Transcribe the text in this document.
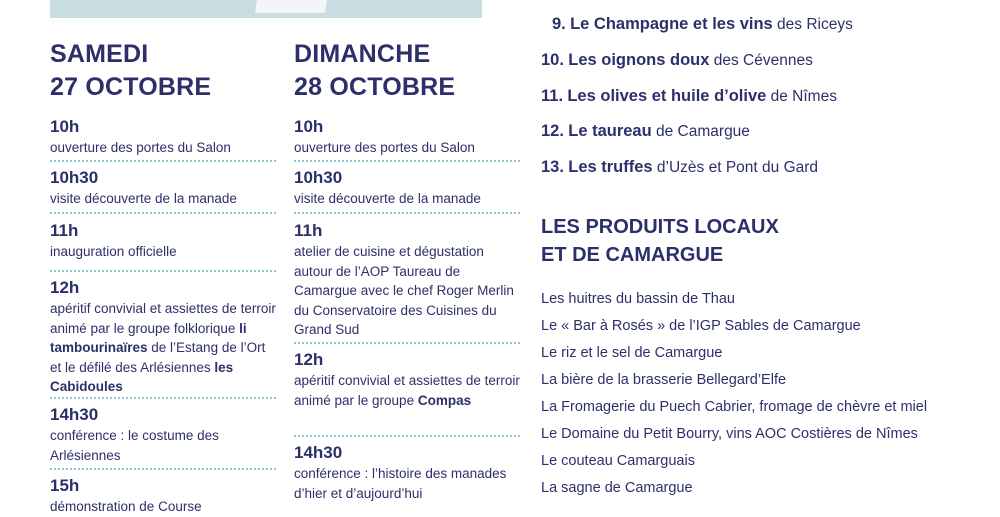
SAMEDI
27 OCTOBRE
10h
ouverture des portes du Salon
10h30
visite découverte de la manade
11h
inauguration officielle
12h
apéritif convivial et assiettes de terroir animé par le groupe folklorique li tambourinaïres de l’Estang de l’Ort et le défilé des Arlésiennes les Cabidoules
14h30
conférence : le costume des Arlésiennes
15h
démonstration de Course
DIMANCHE
28 OCTOBRE
10h
ouverture des portes du Salon
10h30
visite découverte de la manade
11h
atelier de cuisine et dégustation autour de l’AOP Taureau de Camargue avec le chef Roger Merlin du Conservatoire des Cuisines du Grand Sud
12h
apéritif convivial et assiettes de terroir animé par le groupe Compas
14h30
conférence : l’histoire des manades d’hier et d’aujourd’hui
9. Le Champagne et les vins des Riceys
10. Les oignons doux des Cévennes
11. Les olives et huile d’olive de Nîmes
12. Le taureau de Camargue
13. Les truffes d’Uzès et Pont du Gard
LES PRODUITS LOCAUX
ET DE CAMARGUE
Les huitres du bassin de Thau
Le « Bar à Rosés » de l’IGP Sables de Camargue
Le riz et le sel de Camargue
La bière de la brasserie Bellegard’Elfe
La Fromagerie du Puech Cabrier, fromage de chèvre et miel
Le Domaine du Petit Bourry, vins AOC Costières de Nîmes
Le couteau Camarguais
La sagne de Camargue
